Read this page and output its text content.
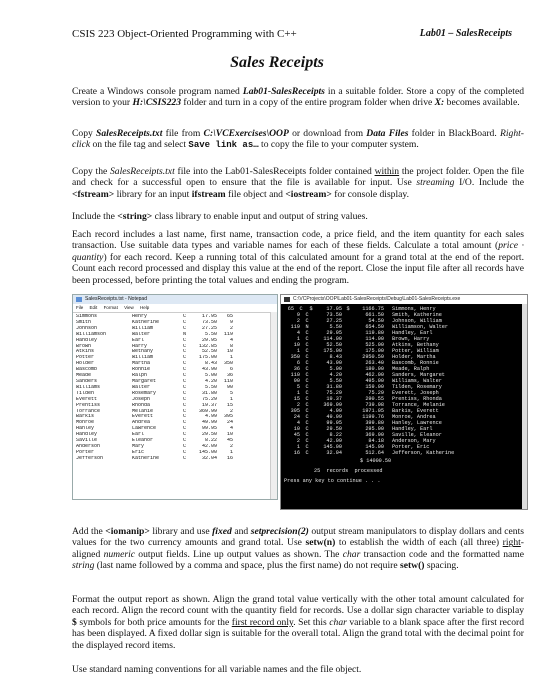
CSIS 223 Object-Oriented Programming with C++	Lab01 – SalesReceipts
Sales Receipts
Create a Windows console program named Lab01-SalesReceipts in a suitable folder. Store a copy of the completed version to your H:\CSIS223 folder and turn in a copy of the entire program folder when drive X: becomes available.
Copy SalesReceipts.txt file from C:\VCExercises\OOP or download from Data Files folder in BlackBoard. Right-click on the file tag and select Save link as… to copy the file to your computer system.
Copy the SalesReceipts.txt file into the Lab01-SalesReceipts folder contained within the project folder. Open the file and check for a successful open to ensure that the file is available for input. Use streaming I/O. Include the <fstream> library for an input ifstream file object and <iostream> for console display.
Include the <string> class library to enable input and output of string values.
Each record includes a last name, first name, transaction code, a price field, and the item quantity for each sales transaction. Use suitable data types and variable names for each of these fields. Calculate a total amount (price · quantity) for each record. Keep a running total of this calculated amount for a grand total at the end of the report. Count each record processed and display this value at the end of the report. Close the input file after all records have been processed, before printing the total values and ending the program.
SalesReceipts.txt - Notepad
File Edit Format View Help
Simmons	Henry	C	17.95	65
Smith	Katherine	C	73.50	9
Johnson	William	C	27.25	2
Williamson	Walter	N	5.50	119
Handley	Earl	C	29.95	4
Brown	Harry	C	132.85	8
Atkins	Bethany	C	52.50	10
Potter	William	C	175.00	1
Holder	Martha	C	8.43	350
Bascomb	Ronnie	C	43.90	6
Meade	Ralph	C	5.00	36
Sanders	Margaret	C	4.20	110
Williams	Walter	C	5.50	90
Tilden	Rosemary	C	31.80	5
Everett	Joseph	C	75.29	1
Prentiss	Rhonda	C	19.37	15
Torrance	Melanie	C	369.99	2
Barkis	Everett	C	4.99	395
Monroe	Andrea	C	49.99	24
Hanley	Lawrence	C	99.95	4
Handley	Earl	C	29.50	10
Saville	Eleanor	C	8.22	45
Anderson	Mary	C	42.09	2
Porter	Eric	C	145.00	1
Jefferson	Katherine	C	32.04	16
C:\VCProjects\OOP\Lab01-SalesReceipts\Debug\Lab01-SalesReceipts.exe
65	C	$	17.95 $	1166.75 Simmons, Henry
9	C	73.50	661.50 Smith, Katherine
2	C	27.25	54.50 Johnson, William
119	N	5.50	654.50 Williamson, Walter
4	C	29.95	119.80 Handley, Earl
1	C	114.00	114.00 Brown, Harry
10	C	52.50	525.00 Atkins, Bethany
1	C	175.00	175.00 Potter, William
350	C	8.43	2950.50 Holder, Martha
6	C	43.90	263.40 Bascomb, Ronnie
36	C	5.00	180.00 Meade, Ralph
110	C	4.20	462.00 Sanders, Margaret
90	C	5.50	495.00 Williams, Walter
5	C	31.80	159.00 Tilden, Rosemary
1	C	75.29	75.29 Everett, Joseph
15	C	19.37	290.55 Prentiss, Rhonda
2	C	369.99	739.98 Torrance, Melanie
395	C	4.99	1971.05 Barkis, Everett
24	C	49.99	1199.76 Monroe, Andrea
4	C	99.95	399.80 Hanley, Lawrence
10	C	29.50	295.00 Handley, Earl
45	C	8.22	369.90 Saville, Eleanor
2	C	42.09	84.18 Anderson, Mary
1	C	145.00	145.00 Porter, Eric
16	C	32.04	512.64 Jefferson, Katherine
$ 14000.50
25  records  processed
Press any key to continue . . .
Add the <iomanip> library and use fixed and setprecision(2) output stream manipulators to display dollars and cents values for the two currency amounts and grand total. Use setw(n) to establish the width of each (all three) right-aligned numeric output fields. Line up output values as shown. The char transaction code and the formatted name string (last name followed by a comma and space, plus the first name) do not require setw() spacing.
Format the output report as shown. Align the grand total value vertically with the other total amount calculated for each record. Align the record count with the quantity field for records. Use a dollar sign character variable to display $ symbols for both price amounts for the first record only. Set this char variable to a blank space after the first record has been displayed. A fixed dollar sign is suitable for the overall total. Align the grand total with the decimal point for the displayed record items.
Use standard naming conventions for all variable names and the file object.
